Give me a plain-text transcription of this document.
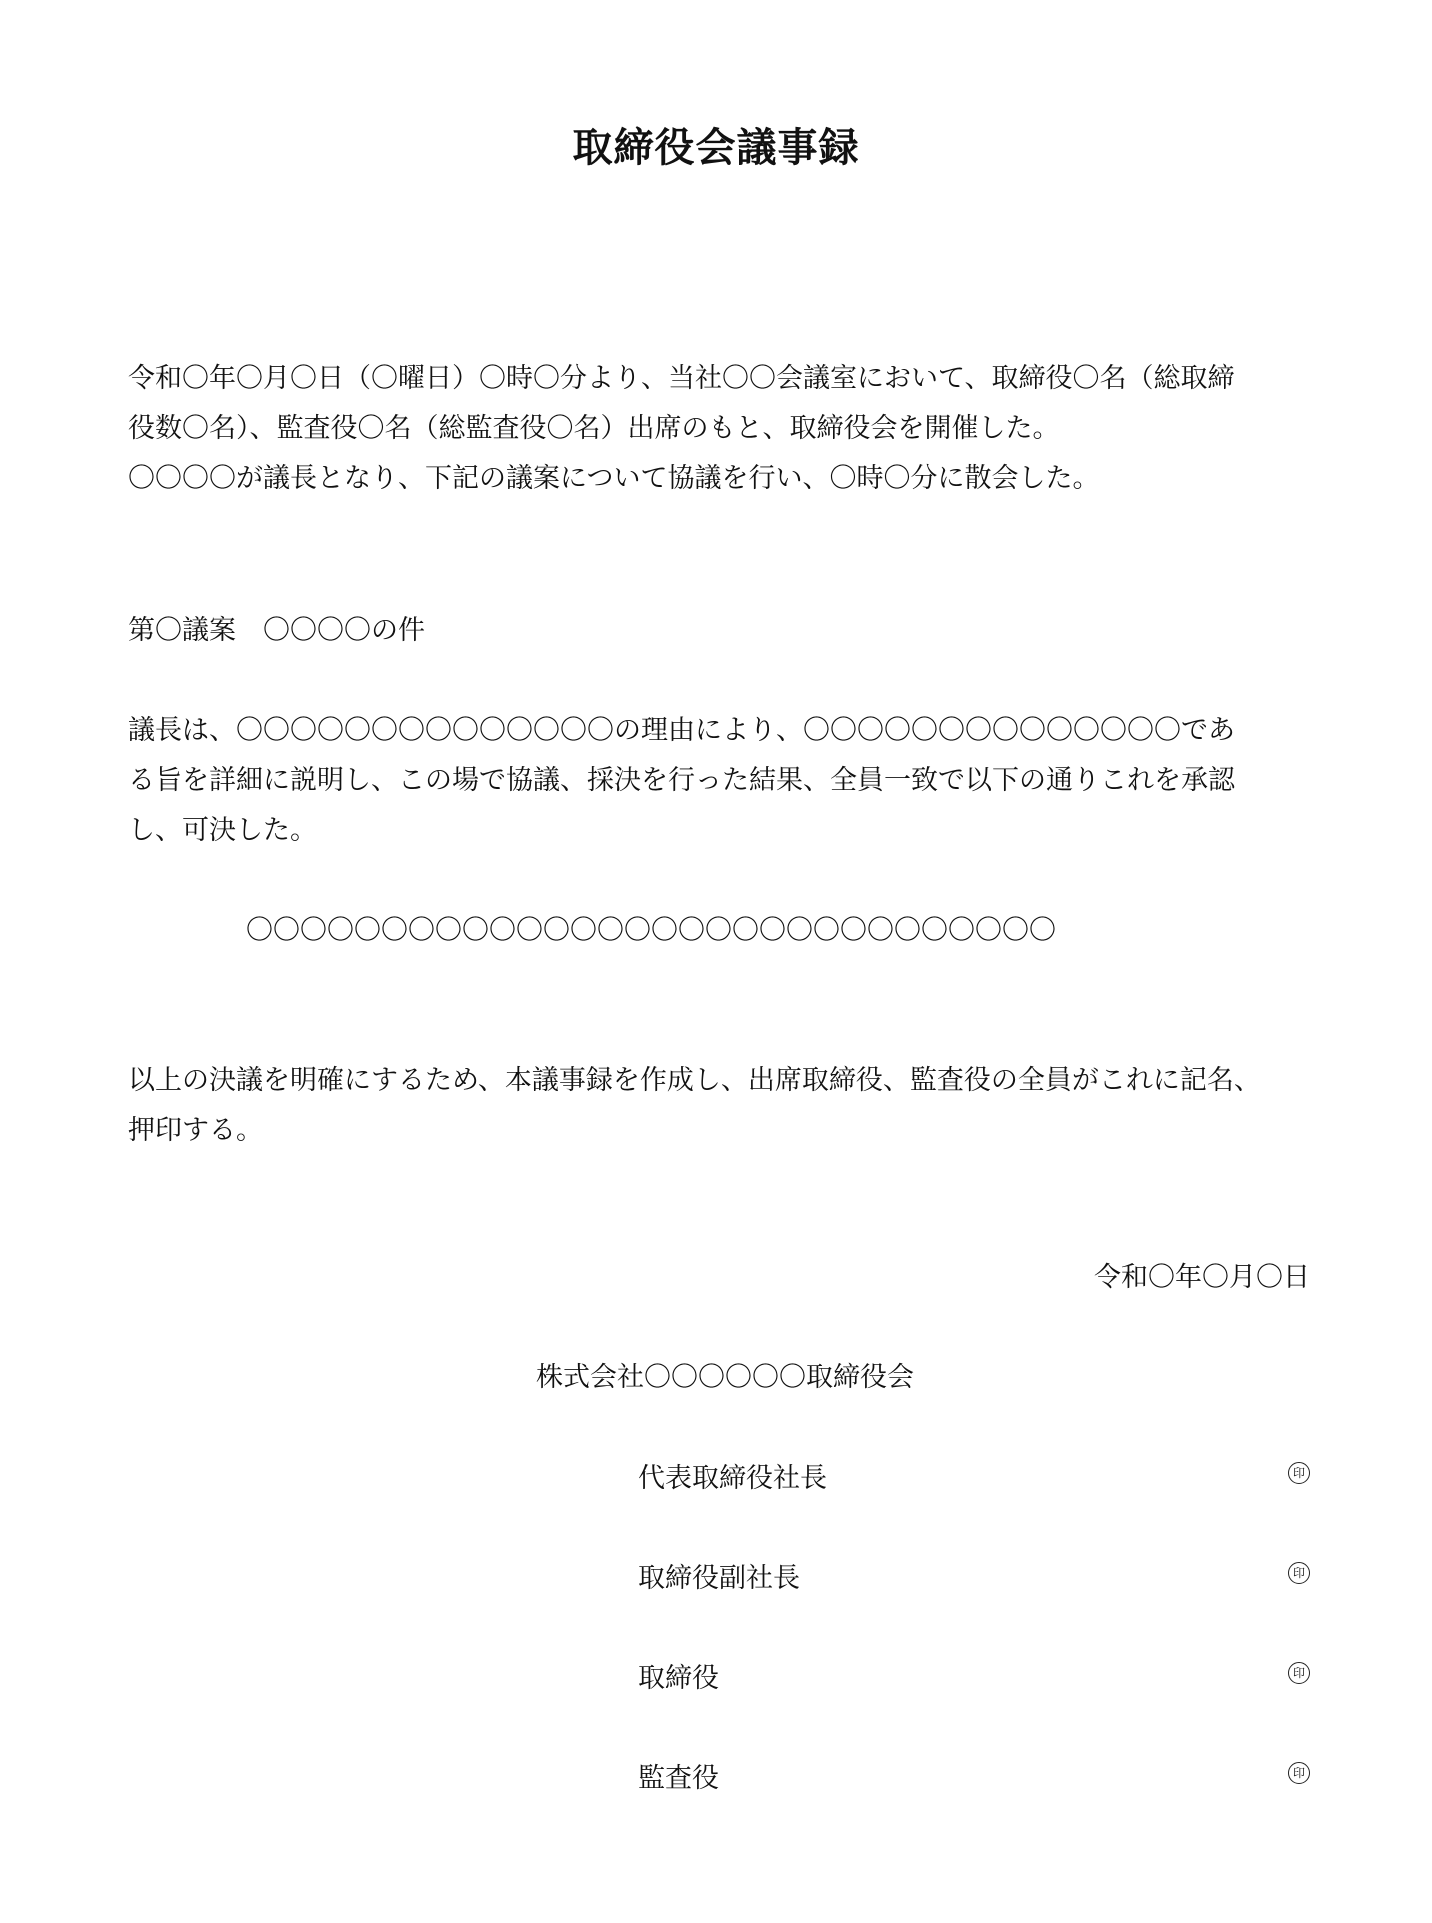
取締役会議事録
令和〇年〇月〇日（〇曜日）〇時〇分より、当社〇〇会議室において、取締役〇名（総取締
役数〇名）、監査役〇名（総監査役〇名）出席のもと、取締役会を開催した。
〇〇〇〇が議長となり、下記の議案について協議を行い、〇時〇分に散会した。
第〇議案　〇〇〇〇の件
議長は、〇〇〇〇〇〇〇〇〇〇〇〇〇〇の理由により、〇〇〇〇〇〇〇〇〇〇〇〇〇〇であ
る旨を詳細に説明し、この場で協議、採決を行った結果、全員一致で以下の通りこれを承認
し、可決した。
〇〇〇〇〇〇〇〇〇〇〇〇〇〇〇〇〇〇〇〇〇〇〇〇〇〇〇〇〇〇
以上の決議を明確にするため、本議事録を作成し、出席取締役、監査役の全員がこれに記名、
押印する。
令和〇年〇月〇日
株式会社〇〇〇〇〇〇取締役会
代表取締役社長	印
取締役副社長	印
取締役	印
監査役	印
